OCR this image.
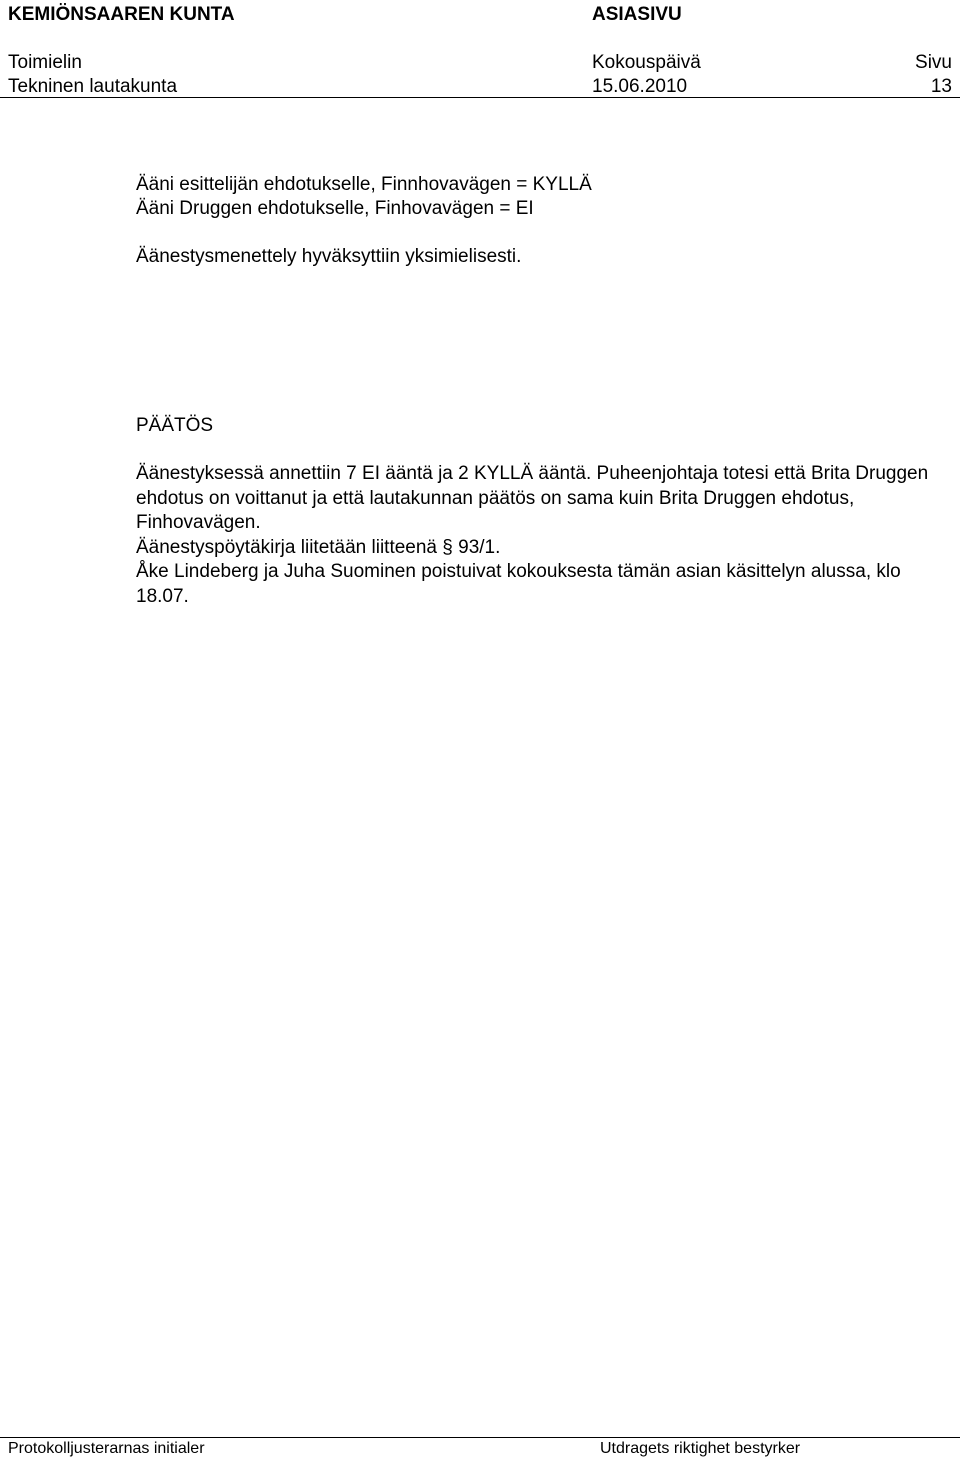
KEMIÖNSAAREN KUNTA	ASIASIVU
Toimielin	Kokouspäivä	Sivu
Tekninen lautakunta	15.06.2010	13
Ääni esittelijän ehdotukselle, Finnhovavägen = KYLLÄ
Ääni Druggen ehdotukselle, Finhovavägen = EI
Äänestysmenettely hyväksyttiin yksimielisesti.
PÄÄTÖS
Äänestyksessä annettiin 7 EI ääntä ja 2 KYLLÄ ääntä. Puheenjohtaja totesi että Brita Druggen ehdotus on voittanut ja että lautakunnan päätös on sama kuin Brita Druggen ehdotus, Finhovavägen.
Äänestyspöytäkirja liitetään liitteenä § 93/1.
Åke Lindeberg ja Juha Suominen poistuivat kokouksesta tämän asian käsittelyn alussa, klo 18.07.
Protokolljusterarnas initialer	Utdragets riktighet bestyrker
